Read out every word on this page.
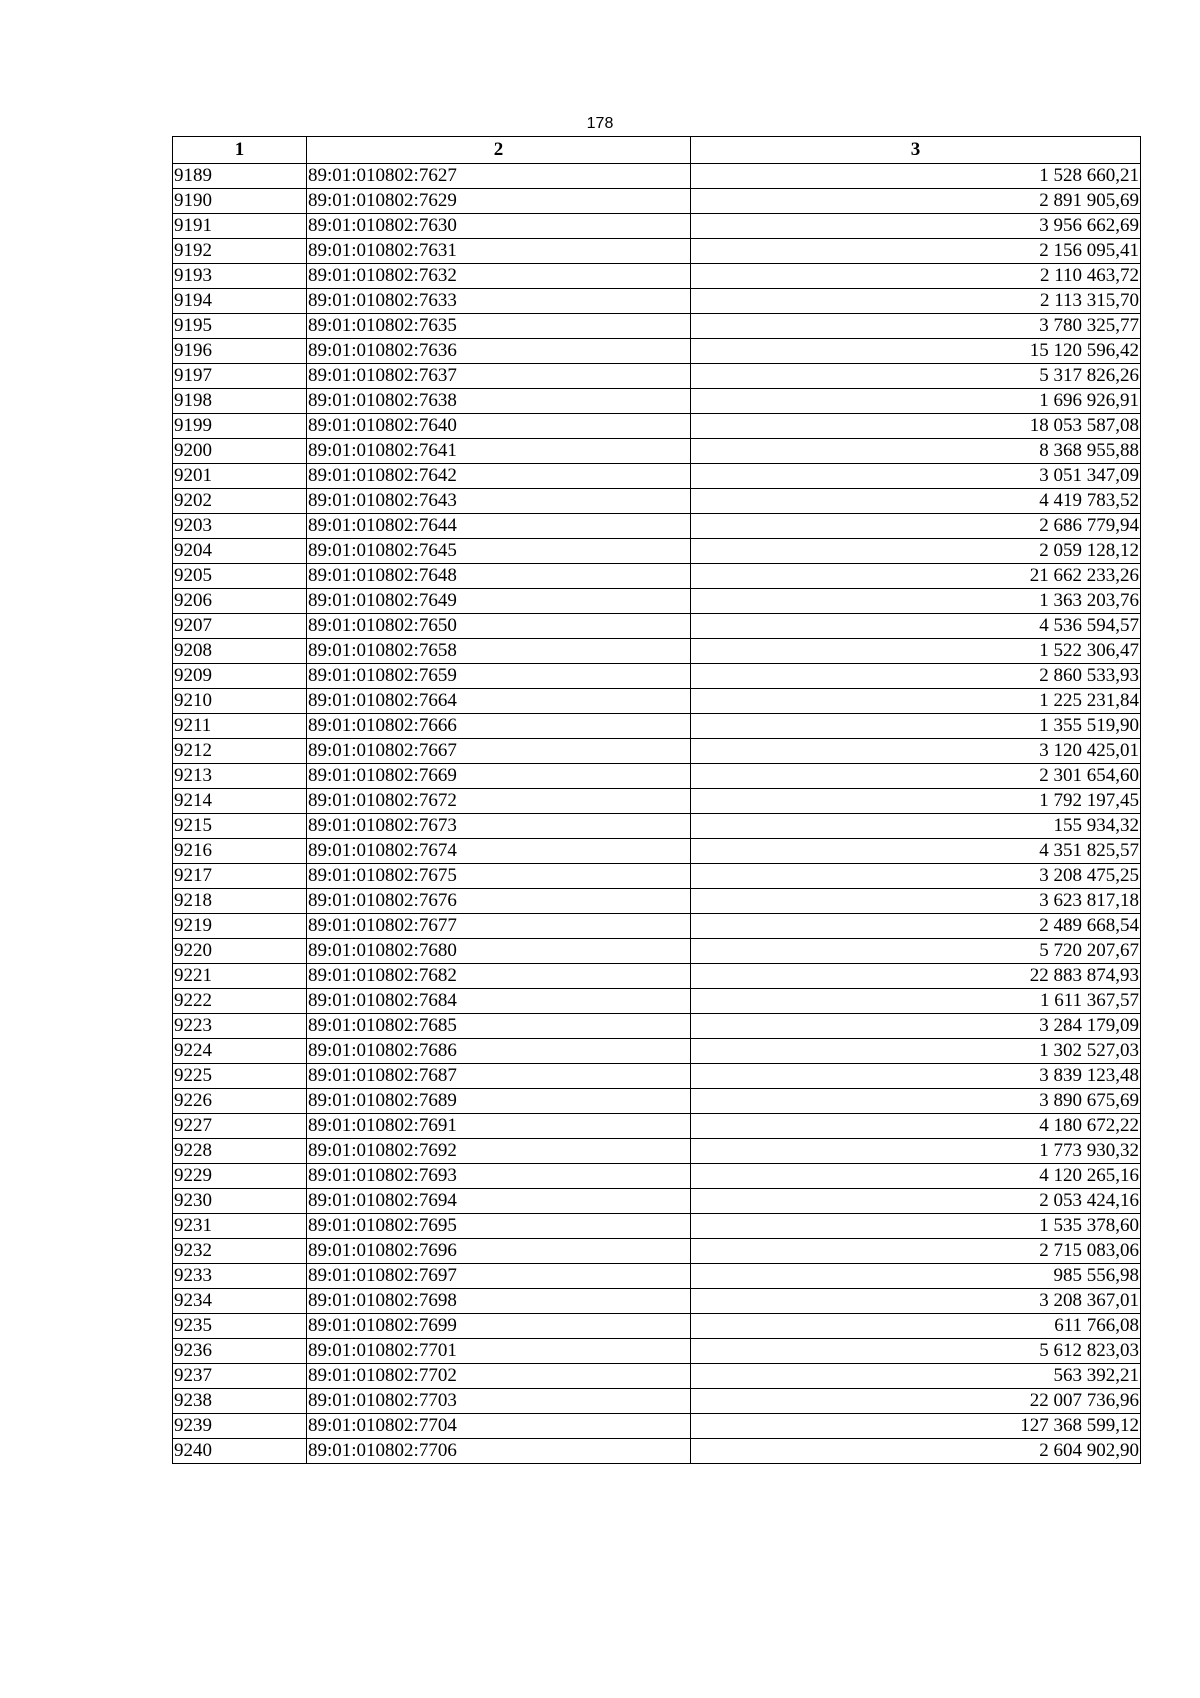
178
1	2	3
9189	89:01:010802:7627	1 528 660,21
9190	89:01:010802:7629	2 891 905,69
9191	89:01:010802:7630	3 956 662,69
9192	89:01:010802:7631	2 156 095,41
9193	89:01:010802:7632	2 110 463,72
9194	89:01:010802:7633	2 113 315,70
9195	89:01:010802:7635	3 780 325,77
9196	89:01:010802:7636	15 120 596,42
9197	89:01:010802:7637	5 317 826,26
9198	89:01:010802:7638	1 696 926,91
9199	89:01:010802:7640	18 053 587,08
9200	89:01:010802:7641	8 368 955,88
9201	89:01:010802:7642	3 051 347,09
9202	89:01:010802:7643	4 419 783,52
9203	89:01:010802:7644	2 686 779,94
9204	89:01:010802:7645	2 059 128,12
9205	89:01:010802:7648	21 662 233,26
9206	89:01:010802:7649	1 363 203,76
9207	89:01:010802:7650	4 536 594,57
9208	89:01:010802:7658	1 522 306,47
9209	89:01:010802:7659	2 860 533,93
9210	89:01:010802:7664	1 225 231,84
9211	89:01:010802:7666	1 355 519,90
9212	89:01:010802:7667	3 120 425,01
9213	89:01:010802:7669	2 301 654,60
9214	89:01:010802:7672	1 792 197,45
9215	89:01:010802:7673	155 934,32
9216	89:01:010802:7674	4 351 825,57
9217	89:01:010802:7675	3 208 475,25
9218	89:01:010802:7676	3 623 817,18
9219	89:01:010802:7677	2 489 668,54
9220	89:01:010802:7680	5 720 207,67
9221	89:01:010802:7682	22 883 874,93
9222	89:01:010802:7684	1 611 367,57
9223	89:01:010802:7685	3 284 179,09
9224	89:01:010802:7686	1 302 527,03
9225	89:01:010802:7687	3 839 123,48
9226	89:01:010802:7689	3 890 675,69
9227	89:01:010802:7691	4 180 672,22
9228	89:01:010802:7692	1 773 930,32
9229	89:01:010802:7693	4 120 265,16
9230	89:01:010802:7694	2 053 424,16
9231	89:01:010802:7695	1 535 378,60
9232	89:01:010802:7696	2 715 083,06
9233	89:01:010802:7697	985 556,98
9234	89:01:010802:7698	3 208 367,01
9235	89:01:010802:7699	611 766,08
9236	89:01:010802:7701	5 612 823,03
9237	89:01:010802:7702	563 392,21
9238	89:01:010802:7703	22 007 736,96
9239	89:01:010802:7704	127 368 599,12
9240	89:01:010802:7706	2 604 902,90
